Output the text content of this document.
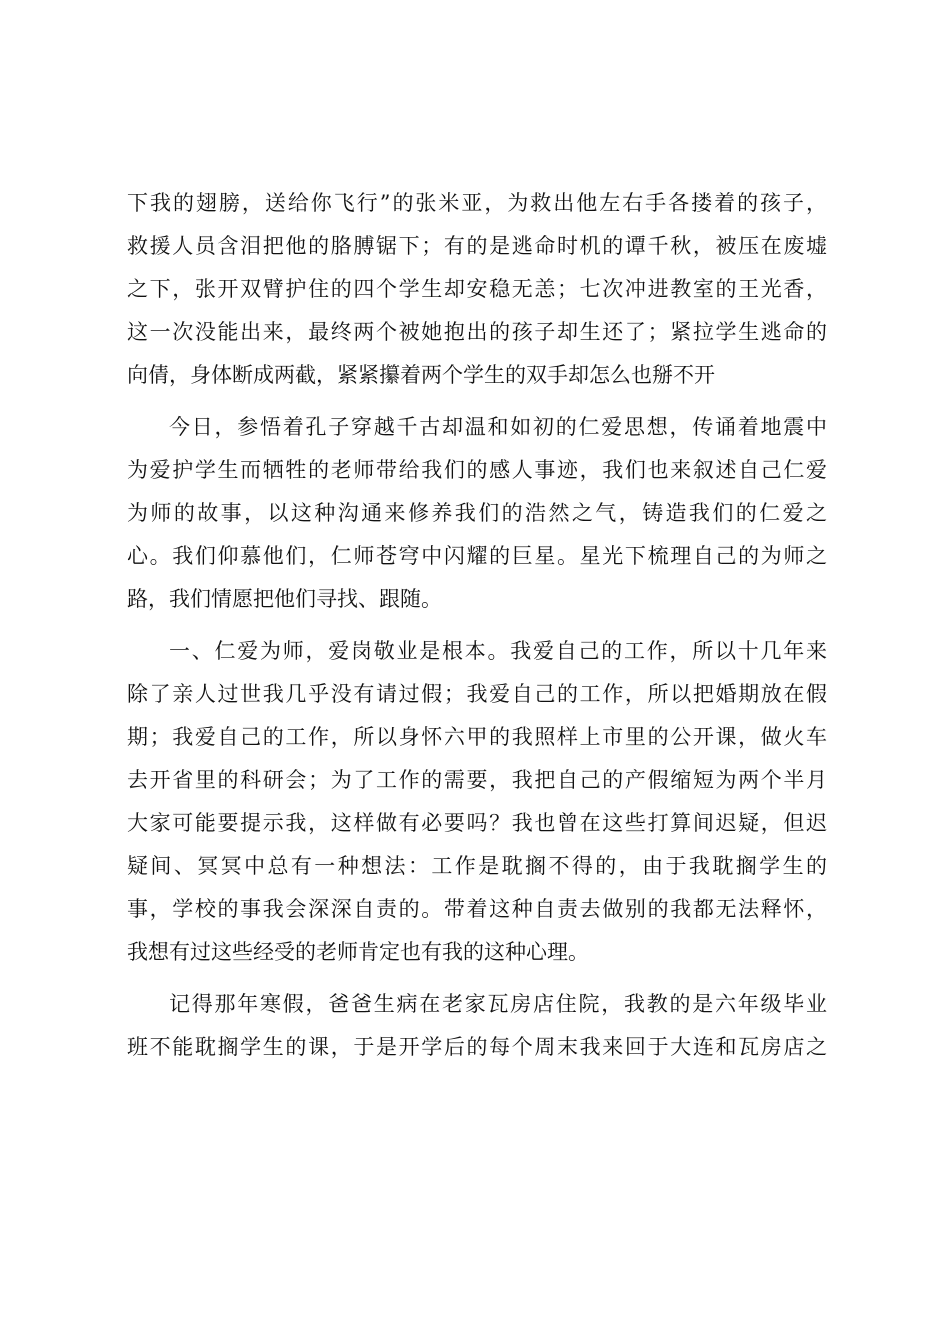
下我的翅膀，送给你飞行”的张米亚，为救出他左右手各搂着的孩子，
救援人员含泪把他的胳膊锯下；有的是逃命时机的谭千秋，被压在废墟
之下，张开双臂护住的四个学生却安稳无恙；七次冲进教室的王光香，
这一次没能出来，最终两个被她抱出的孩子却生还了；紧拉学生逃命的
向倩，身体断成两截，紧紧攥着两个学生的双手却怎么也掰不开
今日，参悟着孔子穿越千古却温和如初的仁爱思想，传诵着地震中
为爱护学生而牺牲的老师带给我们的感人事迹，我们也来叙述自己仁爱
为师的故事，以这种沟通来修养我们的浩然之气，铸造我们的仁爱之
心。我们仰慕他们，仁师苍穹中闪耀的巨星。星光下梳理自己的为师之
路，我们情愿把他们寻找、跟随。
一、仁爱为师，爱岗敬业是根本。我爱自己的工作，所以十几年来
除了亲人过世我几乎没有请过假；我爱自己的工作，所以把婚期放在假
期；我爱自己的工作，所以身怀六甲的我照样上市里的公开课，做火车
去开省里的科研会；为了工作的需要，我把自己的产假缩短为两个半月
大家可能要提示我，这样做有必要吗？我也曾在这些打算间迟疑，但迟
疑间、冥冥中总有一种想法：工作是耽搁不得的，由于我耽搁学生的
事，学校的事我会深深自责的。带着这种自责去做别的我都无法释怀，
我想有过这些经受的老师肯定也有我的这种心理。
记得那年寒假，爸爸生病在老家瓦房店住院，我教的是六年级毕业
班不能耽搁学生的课，于是开学后的每个周末我来回于大连和瓦房店之
